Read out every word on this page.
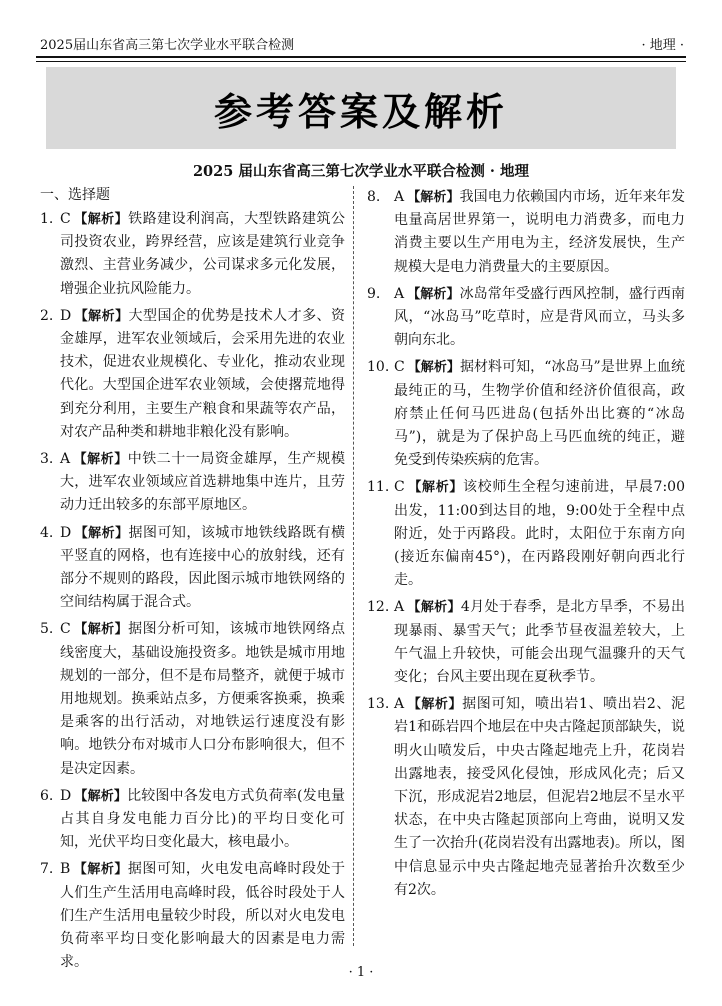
2025届山东省高三第七次学业水平联合检测	· 地理 ·
参考答案及解析
2025 届山东省高三第七次学业水平联合检测 · 地理
一、选择题
1. C 【解析】铁路建设利润高，大型铁路建筑公司投资农业，跨界经营，应该是建筑行业竞争激烈、主营业务减少，公司谋求多元化发展，增强企业抗风险能力。
2. D 【解析】大型国企的优势是技术人才多、资金雄厚，进军农业领域后，会采用先进的农业技术，促进农业规模化、专业化，推动农业现代化。大型国企进军农业领域，会使撂荒地得到充分利用，主要生产粮食和果蔬等农产品，对农产品种类和耕地非粮化没有影响。
3. A 【解析】中铁二十一局资金雄厚，生产规模大，进军农业领域应首选耕地集中连片，且劳动力迁出较多的东部平原地区。
4. D 【解析】据图可知，该城市地铁线路既有横平竖直的网格，也有连接中心的放射线，还有部分不规则的路段，因此图示城市地铁网络的空间结构属于混合式。
5. C 【解析】据图分析可知，该城市地铁网络点线密度大，基础设施投资多。地铁是城市用地规划的一部分，但不是布局整齐，就便于城市用地规划。换乘站点多，方便乘客换乘，换乘是乘客的出行活动，对地铁运行速度没有影响。地铁分布对城市人口分布影响很大，但不是决定因素。
6. D 【解析】比较图中各发电方式负荷率(发电量占其自身发电能力百分比)的平均日变化可知，光伏平均日变化最大，核电最小。
7. B 【解析】据图可知，火电发电高峰时段处于人们生产生活用电高峰时段，低谷时段处于人们生产生活用电量较少时段，所以对火电发电负荷率平均日变化影响最大的因素是电力需求。
8. A 【解析】我国电力依赖国内市场，近年来年发电量高居世界第一，说明电力消费多，而电力消费主要以生产用电为主，经济发展快，生产规模大是电力消费量大的主要原因。
9. A 【解析】冰岛常年受盛行西风控制，盛行西南风，“冰岛马”吃草时，应是背风而立，马头多朝向东北。
10. C 【解析】据材料可知，“冰岛马”是世界上血统最纯正的马，生物学价值和经济价值很高，政府禁止任何马匹进岛(包括外出比赛的“冰岛马”)，就是为了保护岛上马匹血统的纯正，避免受到传染疾病的危害。
11. C 【解析】该校师生全程匀速前进，早晨7:00出发，11:00到达目的地，9:00处于全程中点附近，处于丙路段。此时，太阳位于东南方向(接近东偏南45°)，在丙路段刚好朝向西北行走。
12. A 【解析】4月处于春季，是北方旱季，不易出现暴雨、暴雪天气；此季节昼夜温差较大，上午气温上升较快，可能会出现气温骤升的天气变化；台风主要出现在夏秋季节。
13. A 【解析】据图可知，喷出岩1、喷出岩2、泥岩1和砾岩四个地层在中央古隆起顶部缺失，说明火山喷发后，中央古隆起地壳上升，花岗岩出露地表，接受风化侵蚀，形成风化壳；后又下沉，形成泥岩2地层，但泥岩2地层不呈水平状态，在中央古隆起顶部向上弯曲，说明又发生了一次抬升(花岗岩没有出露地表)。所以，图中信息显示中央古隆起地壳显著抬升次数至少有2次。
· 1 ·
